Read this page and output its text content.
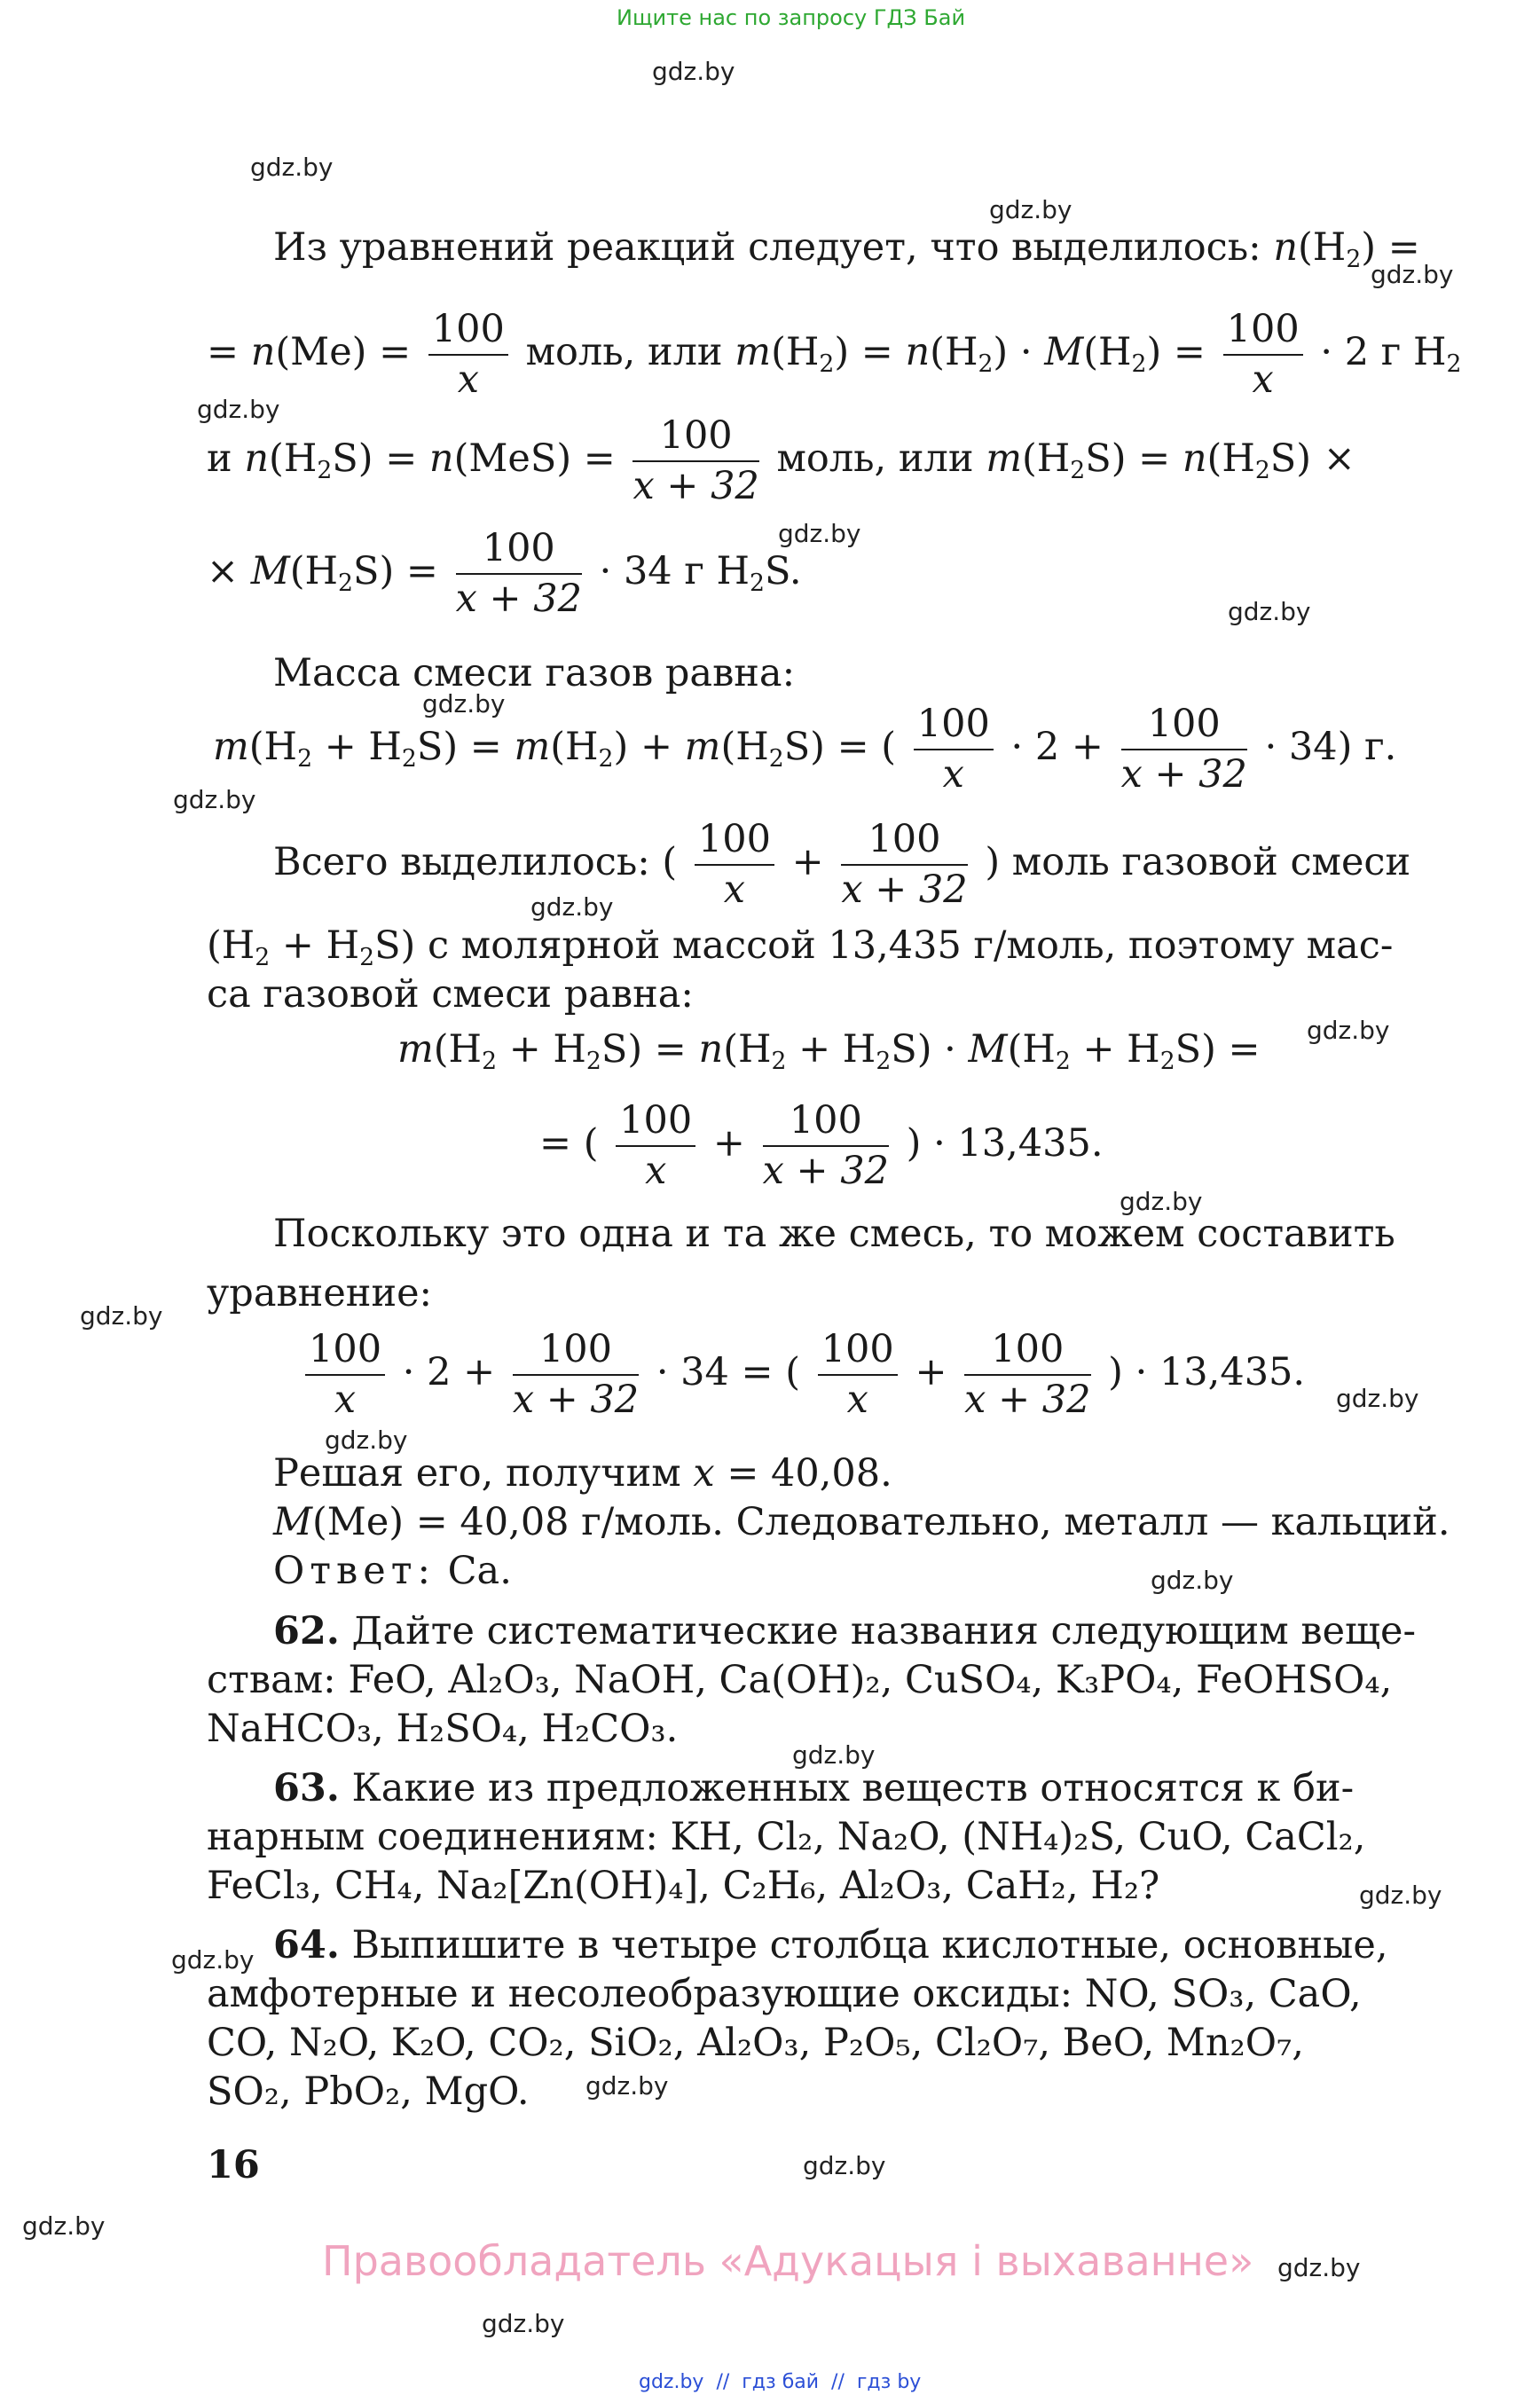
Ищите нас по запросу ГДЗ Бай
gdz.by
gdz.by
gdz.by
gdz.by
gdz.by
gdz.by
gdz.by
gdz.by
gdz.by
gdz.by
gdz.by
gdz.by
gdz.by
gdz.by
gdz.by
gdz.by
gdz.by
gdz.by
gdz.by
gdz.by
gdz.by
gdz.by
gdz.by
gdz.by
Из уравнений реакций следует, что выделилось: $n(H_2)$ =
= $n(Me) = \frac{100}{x}$ моль, или $m(H_2) = n(H_2) \cdot M(H_2) = \frac{100}{x} \cdot 2$ г $H_2$
и $n(H_2S) = n(MeS) = \frac{100}{x + 32}$ моль, или $m(H_2S) = n(H_2S)$ ×
× $M(H_2S) = \frac{100}{x + 32} \cdot 34$ г $H_2S$.
Масса смеси газов равна:
$m(H_2 + H_2S) = m(H_2) + m(H_2S)$ = ( $\frac{100}{x} \cdot 2 + \frac{100}{x + 32} \cdot 34$) г.
Всего выделилось: ( $\frac{100}{x} + \frac{100}{x + 32}$ ) моль газовой смеси
$(H_2 + H_2S)$ с молярной массой 13,435 г/моль, поэтому мас-
са газовой смеси равна:
$m(H_2 + H_2S) = n(H_2 + H_2S) \cdot M(H_2 + H_2S)$ =
= ( $\frac{100}{x} + \frac{100}{x + 32}$ ) · 13,435.
Поскольку это одна и та же смесь, то можем составить
уравнение:
$\frac{100}{x} \cdot 2 + \frac{100}{x + 32} \cdot 34$ = ( $\frac{100}{x} + \frac{100}{x + 32}$ ) · 13,435.
Решая его, получим x = 40,08.
M(Me) = 40,08 г/моль. Следовательно, металл — кальций.
Ответ: Ca.
62. Дайте систематические названия следующим веще-
ствам: FeO, Al₂O₃, NaOH, Ca(OH)₂, CuSO₄, K₃PO₄, FeOHSO₄,
NaHCO₃, H₂SO₄, H₂CO₃.
63. Какие из предложенных веществ относятся к би-
нарным соединениям: KH, Cl₂, Na₂O, (NH₄)₂S, CuO, CaCl₂,
FeCl₃, CH₄, Na₂[Zn(OH)₄], C₂H₆, Al₂O₃, CaH₂, H₂?
64. Выпишите в четыре столбца кислотные, основные,
амфотерные и несолеобразующие оксиды: NO, SO₃, CaO,
CO, N₂O, K₂O, CO₂, SiO₂, Al₂O₃, P₂O₅, Cl₂O₇, BeO, Mn₂O₇,
SO₂, PbO₂, MgO.
16
Правообладатель «Адукацыя і выхаванне»
gdz.by  //  гдз бай  //  гдз by
